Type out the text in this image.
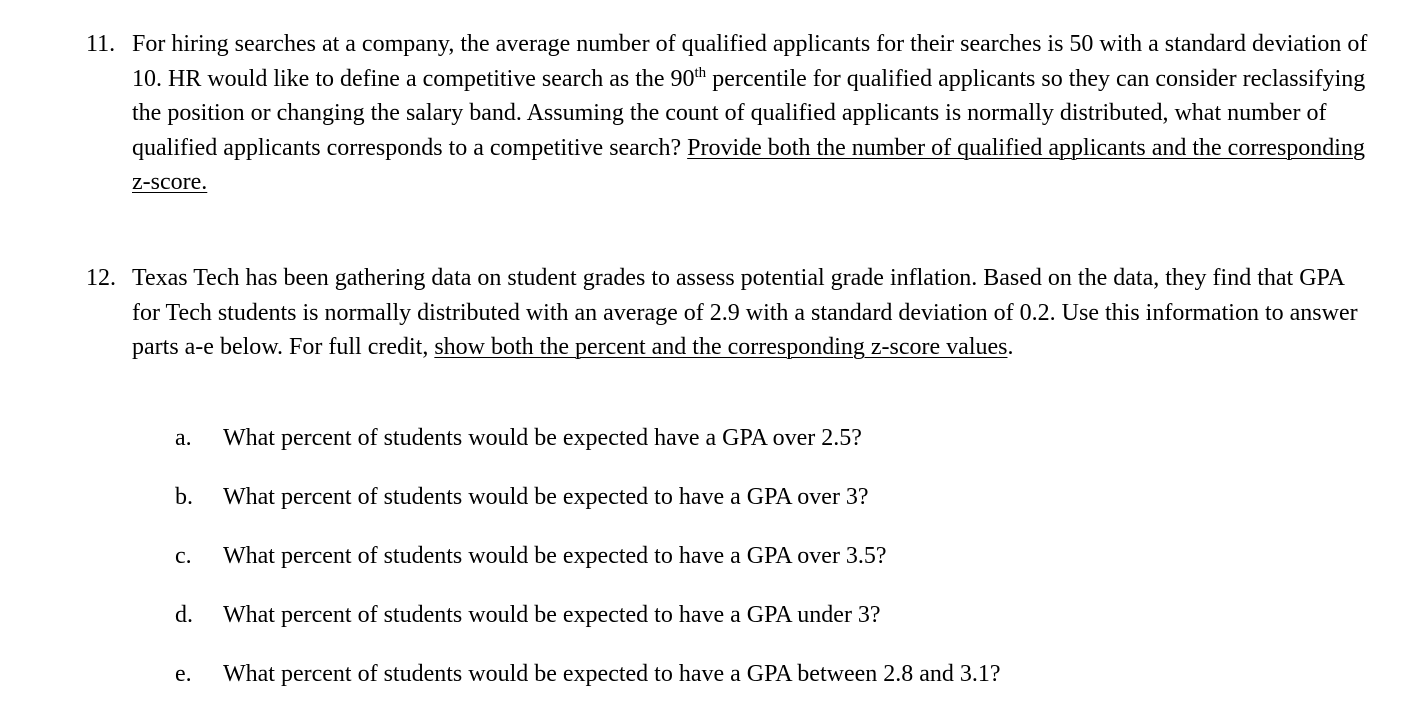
11. For hiring searches at a company, the average number of qualified applicants for their searches is 50 with a standard deviation of 10. HR would like to define a competitive search as the 90th percentile for qualified applicants so they can consider reclassifying the position or changing the salary band. Assuming the count of qualified applicants is normally distributed, what number of qualified applicants corresponds to a competitive search? Provide both the number of qualified applicants and the corresponding z-score.
12. Texas Tech has been gathering data on student grades to assess potential grade inflation. Based on the data, they find that GPA for Tech students is normally distributed with an average of 2.9 with a standard deviation of 0.2. Use this information to answer parts a-e below. For full credit, show both the percent and the corresponding z-score values.
a.	What percent of students would be expected have a GPA over 2.5?
b.	What percent of students would be expected to have a GPA over 3?
c.	What percent of students would be expected to have a GPA over 3.5?
d.	What percent of students would be expected to have a GPA under 3?
e.	What percent of students would be expected to have a GPA between 2.8 and 3.1?
